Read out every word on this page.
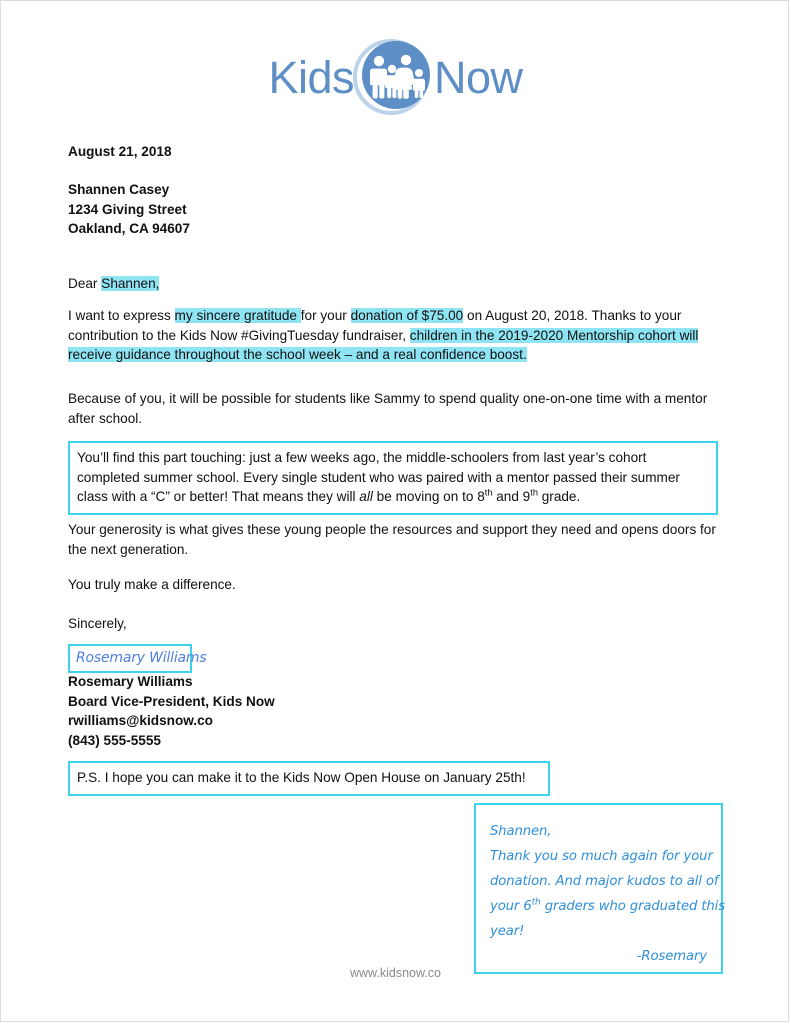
Kids Now
August 21, 2018
Shannen Casey
1234 Giving Street
Oakland, CA 94607
Dear Shannen,
I want to express my sincere gratitude for your donation of $75.00 on August 20, 2018. Thanks to your contribution to the Kids Now #GivingTuesday fundraiser, children in the 2019-2020 Mentorship cohort will receive guidance throughout the school week – and a real confidence boost.
Because of you, it will be possible for students like Sammy to spend quality one-on-one time with a mentor after school.
You’ll find this part touching: just a few weeks ago, the middle-schoolers from last year’s cohort completed summer school. Every single student who was paired with a mentor passed their summer class with a “C” or better! That means they will all be moving on to 8th and 9th grade.
Your generosity is what gives these young people the resources and support they need and opens doors for the next generation.
You truly make a difference.
Sincerely,
Rosemary Williams
Rosemary Williams
Board Vice-President, Kids Now
rwilliams@kidsnow.co
(843) 555-5555
P.S. I hope you can make it to the Kids Now Open House on January 25th!
Shannen,
Thank you so much again for your
donation. And major kudos to all of
your 6th graders who graduated this
year!
-Rosemary
www.kidsnow.co
